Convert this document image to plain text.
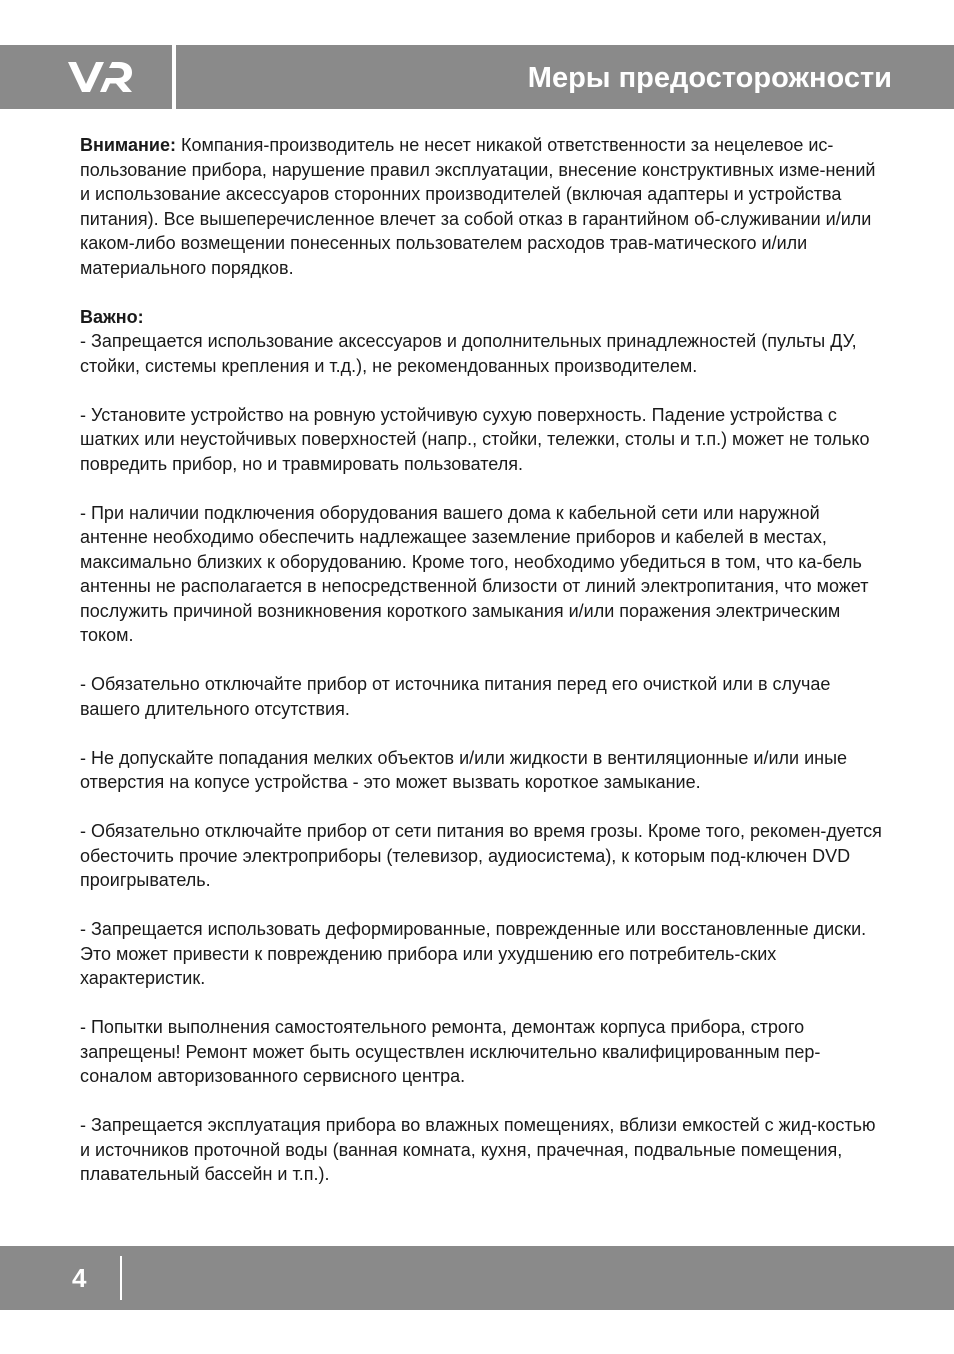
Меры предосторожности

Внимание: Компания-производитель не несет никакой ответственности за нецелевое ис-пользование прибора, нарушение правил эксплуатации, внесение конструктивных изме-нений и использование аксессуаров сторонних производителей (включая адаптеры и устройства питания). Все вышеперечисленное влечет за собой отказ в гарантийном об-служивании и/или каком-либо возмещении понесенных пользователем расходов трав-матического и/или материального порядков.

Важно:

- Запрещается использование аксессуаров и дополнительных принадлежностей (пульты ДУ, стойки, системы крепления и т.д.), не рекомендованных производителем.

- Установите устройство на ровную устойчивую сухую поверхность. Падение устройства с шатких или неустойчивых поверхностей (напр., стойки, тележки, столы и т.п.) может не только повредить прибор, но и травмировать пользователя.

- При наличии подключения оборудования вашего дома к кабельной сети или наружной антенне необходимо обеспечить надлежащее заземление приборов и кабелей в местах, максимально близких к оборудованию. Кроме того, необходимо убедиться в том, что ка-бель антенны не располагается в непосредственной близости от линий электропитания, что может послужить причиной возникновения короткого замыкания и/или поражения электрическим током.

- Обязательно отключайте прибор от источника питания перед его очисткой или в случае вашего длительного отсутствия.

- Не допускайте попадания мелких объектов и/или жидкости в вентиляционные и/или иные отверстия на копусе устройства - это может вызвать короткое замыкание.

- Обязательно отключайте прибор от сети питания во время грозы. Кроме того, рекомен-дуется обесточить прочие электроприборы (телевизор, аудиосистема), к которым под-ключен DVD проигрыватель.

- Запрещается использовать деформированные, поврежденные или восстановленные диски. Это может привести к повреждению прибора или ухудшению его потребитель-ских характеристик.

- Попытки выполнения самостоятельного ремонта, демонтаж корпуса прибора, строго запрещены! Ремонт может быть осуществлен исключительно квалифицированным пер-соналом авторизованного сервисного центра.

- Запрещается эксплуатация прибора во влажных помещениях, вблизи емкостей с жид-костью и источников проточной воды (ванная комната, кухня, прачечная, подвальные помещения, плавательный бассейн и т.п.).

4
